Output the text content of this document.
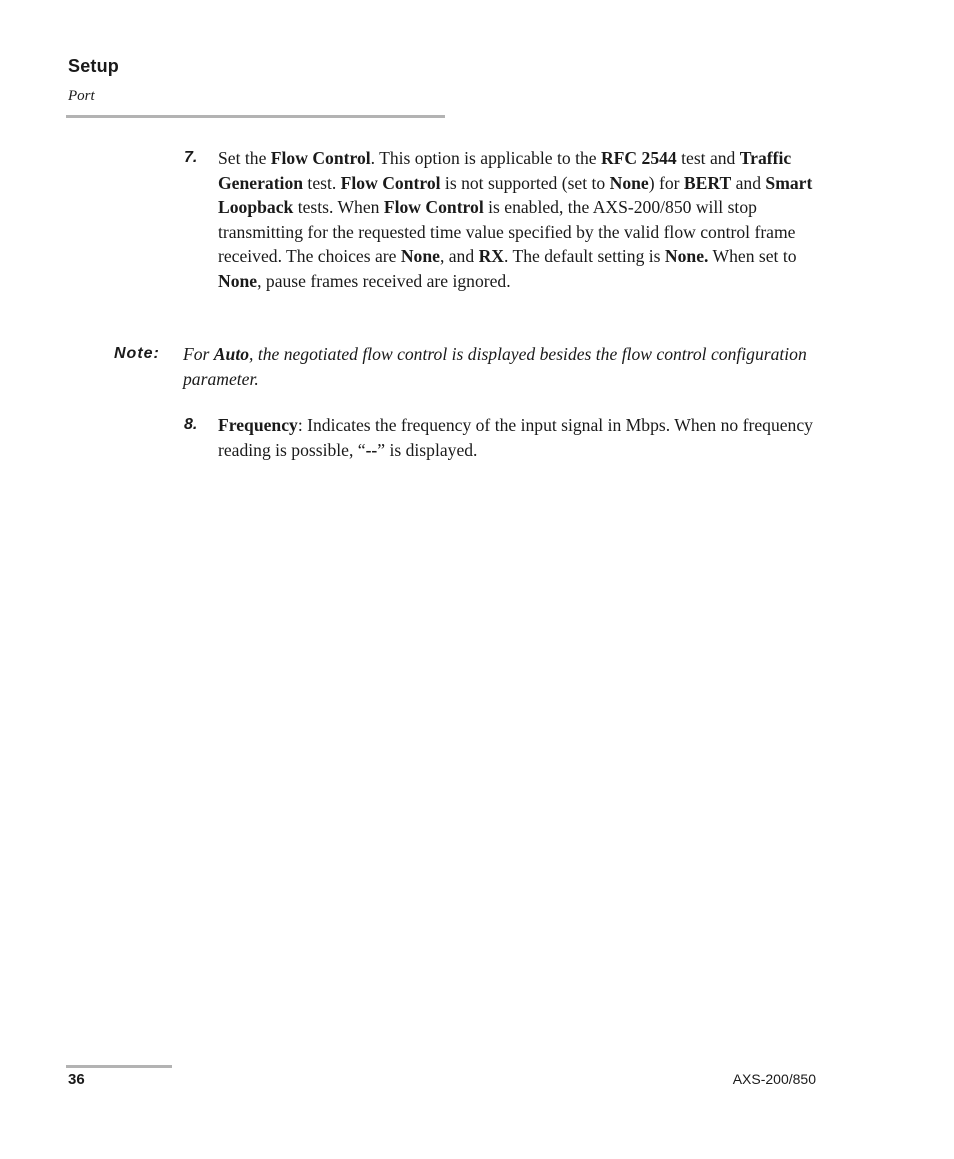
Setup
Port
7. Set the Flow Control. This option is applicable to the RFC 2544 test and Traffic Generation test. Flow Control is not supported (set to None) for BERT and Smart Loopback tests. When Flow Control is enabled, the AXS-200/850 will stop transmitting for the requested time value specified by the valid flow control frame received. The choices are None, and RX. The default setting is None. When set to None, pause frames received are ignored.
Note: For Auto, the negotiated flow control is displayed besides the flow control configuration parameter.
8. Frequency: Indicates the frequency of the input signal in Mbps. When no frequency reading is possible, “--” is displayed.
36	AXS-200/850
